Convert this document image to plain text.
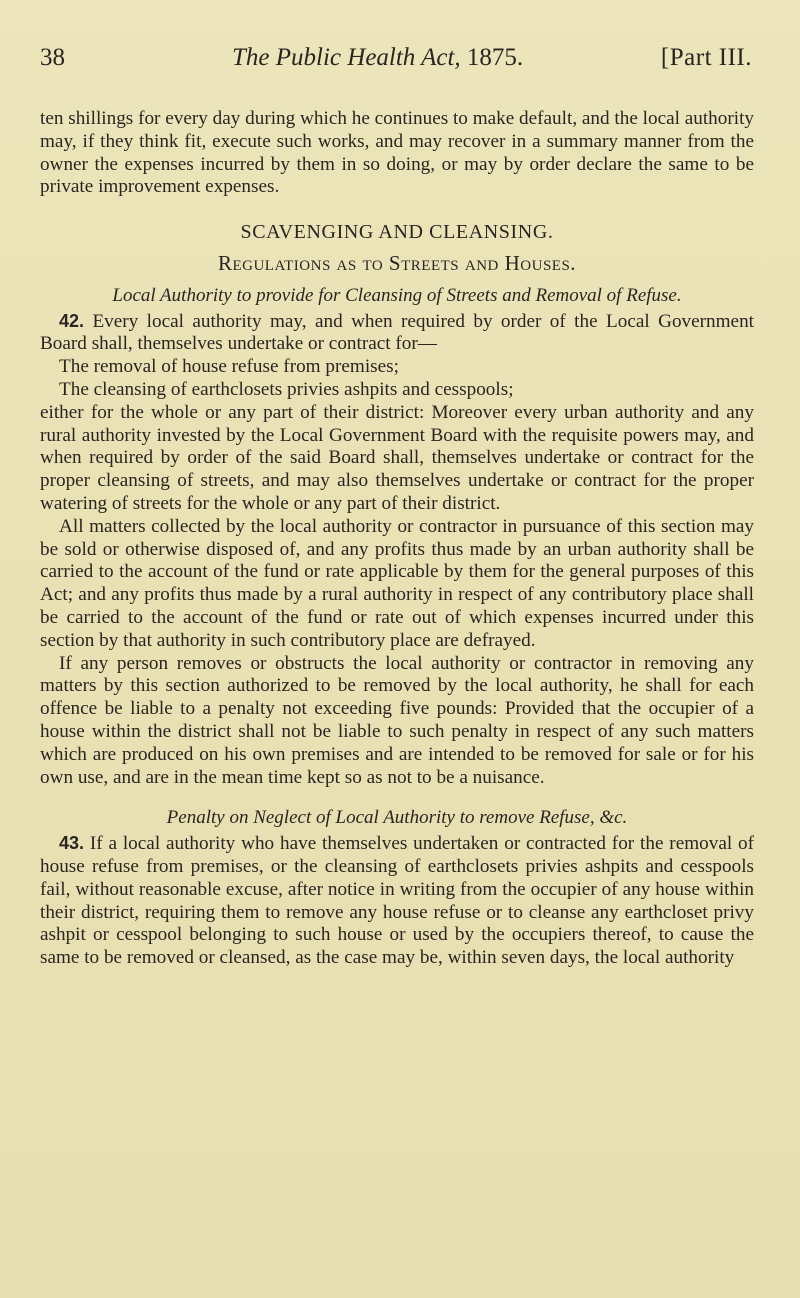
38	The Public Health Act, 1875.	[Part III.

ten shillings for every day during which he continues to make default, and the local authority may, if they think fit, execute such works, and may recover in a summary manner from the owner the expenses incurred by them in so doing, or may by order declare the same to be private improvement expenses.

SCAVENGING AND CLEANSING.

Regulations as to Streets and Houses.

Local Authority to provide for Cleansing of Streets and Removal of Refuse.

42. Every local authority may, and when required by order of the Local Government Board shall, themselves undertake or contract for—

The removal of house refuse from premises;

The cleansing of earthclosets privies ashpits and cesspools;

either for the whole or any part of their district: Moreover every urban authority and any rural authority invested by the Local Government Board with the requisite powers may, and when required by order of the said Board shall, themselves undertake or contract for the proper cleansing of streets, and may also themselves undertake or contract for the proper watering of streets for the whole or any part of their district.

All matters collected by the local authority or contractor in pursuance of this section may be sold or otherwise disposed of, and any profits thus made by an urban authority shall be carried to the account of the fund or rate applicable by them for the general purposes of this Act; and any profits thus made by a rural authority in respect of any contributory place shall be carried to the account of the fund or rate out of which expenses incurred under this section by that authority in such contributory place are defrayed.

If any person removes or obstructs the local authority or contractor in removing any matters by this section authorized to be removed by the local authority, he shall for each offence be liable to a penalty not exceeding five pounds: Provided that the occupier of a house within the district shall not be liable to such penalty in respect of any such matters which are produced on his own premises and are intended to be removed for sale or for his own use, and are in the mean time kept so as not to be a nuisance.

Penalty on Neglect of Local Authority to remove Refuse, &c.

43. If a local authority who have themselves undertaken or contracted for the removal of house refuse from premises, or the cleansing of earthclosets privies ashpits and cesspools fail, without reasonable excuse, after notice in writing from the occupier of any house within their district, requiring them to remove any house refuse or to cleanse any earthcloset privy ashpit or cesspool belonging to such house or used by the occupiers thereof, to cause the same to be removed or cleansed, as the case may be, within seven days, the local authority
